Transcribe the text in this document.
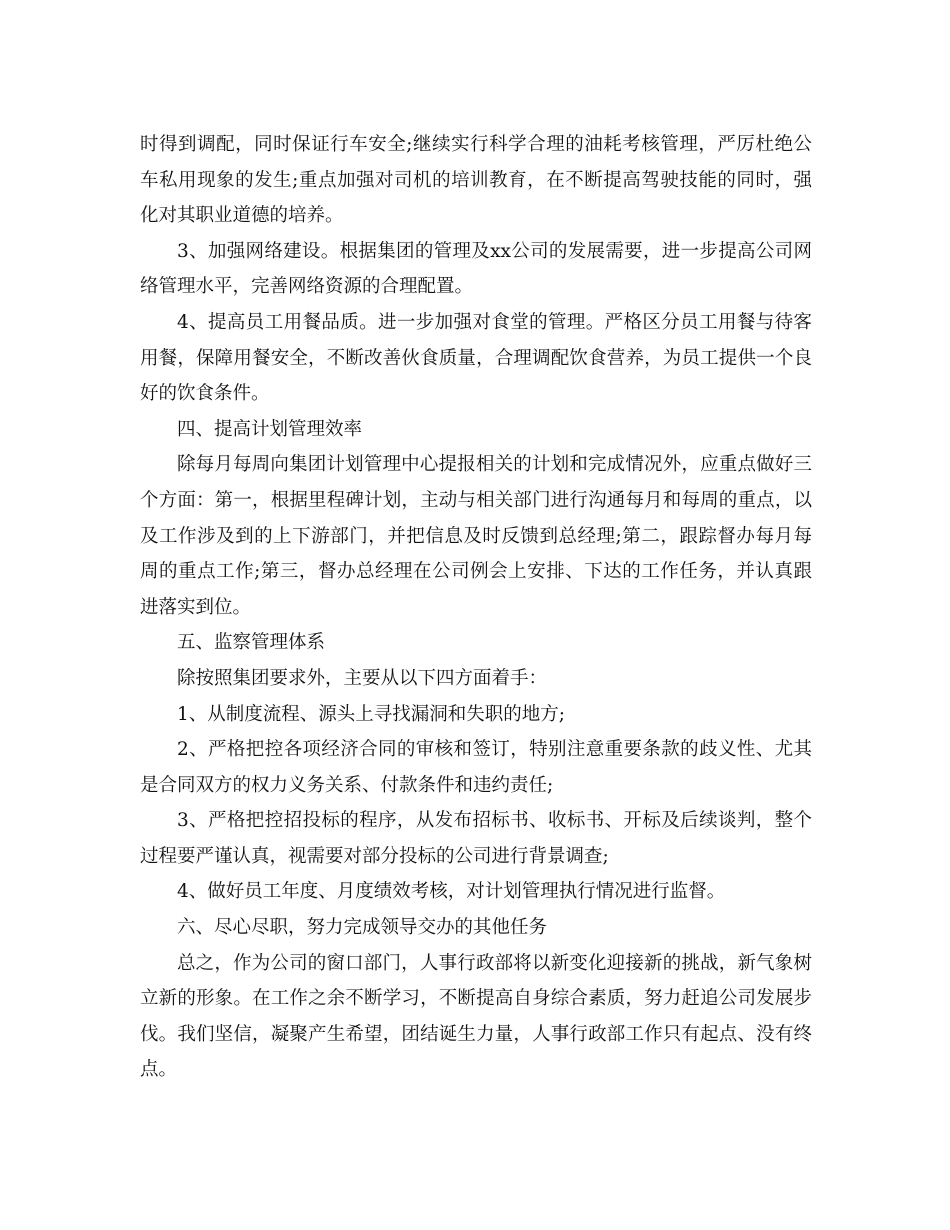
时得到调配，同时保证行车安全;继续实行科学合理的油耗考核管理，严厉杜绝公车私用现象的发生;重点加强对司机的培训教育，在不断提高驾驶技能的同时，强化对其职业道德的培养。

3、加强网络建设。根据集团的管理及xx公司的发展需要，进一步提高公司网络管理水平，完善网络资源的合理配置。

4、提高员工用餐品质。进一步加强对食堂的管理。严格区分员工用餐与待客用餐，保障用餐安全，不断改善伙食质量，合理调配饮食营养，为员工提供一个良好的饮食条件。

四、提高计划管理效率

除每月每周向集团计划管理中心提报相关的计划和完成情况外，应重点做好三个方面：第一，根据里程碑计划，主动与相关部门进行沟通每月和每周的重点，以及工作涉及到的上下游部门，并把信息及时反馈到总经理;第二，跟踪督办每月每周的重点工作;第三，督办总经理在公司例会上安排、下达的工作任务，并认真跟进落实到位。

五、监察管理体系

除按照集团要求外，主要从以下四方面着手：

1、从制度流程、源头上寻找漏洞和失职的地方;

2、严格把控各项经济合同的审核和签订，特别注意重要条款的歧义性、尤其是合同双方的权力义务关系、付款条件和违约责任;

3、严格把控招投标的程序，从发布招标书、收标书、开标及后续谈判，整个过程要严谨认真，视需要对部分投标的公司进行背景调查;

4、做好员工年度、月度绩效考核，对计划管理执行情况进行监督。

六、尽心尽职，努力完成领导交办的其他任务

总之，作为公司的窗口部门，人事行政部将以新变化迎接新的挑战，新气象树立新的形象。在工作之余不断学习，不断提高自身综合素质，努力赶追公司发展步伐。我们坚信，凝聚产生希望，团结诞生力量，人事行政部工作只有起点、没有终点。
